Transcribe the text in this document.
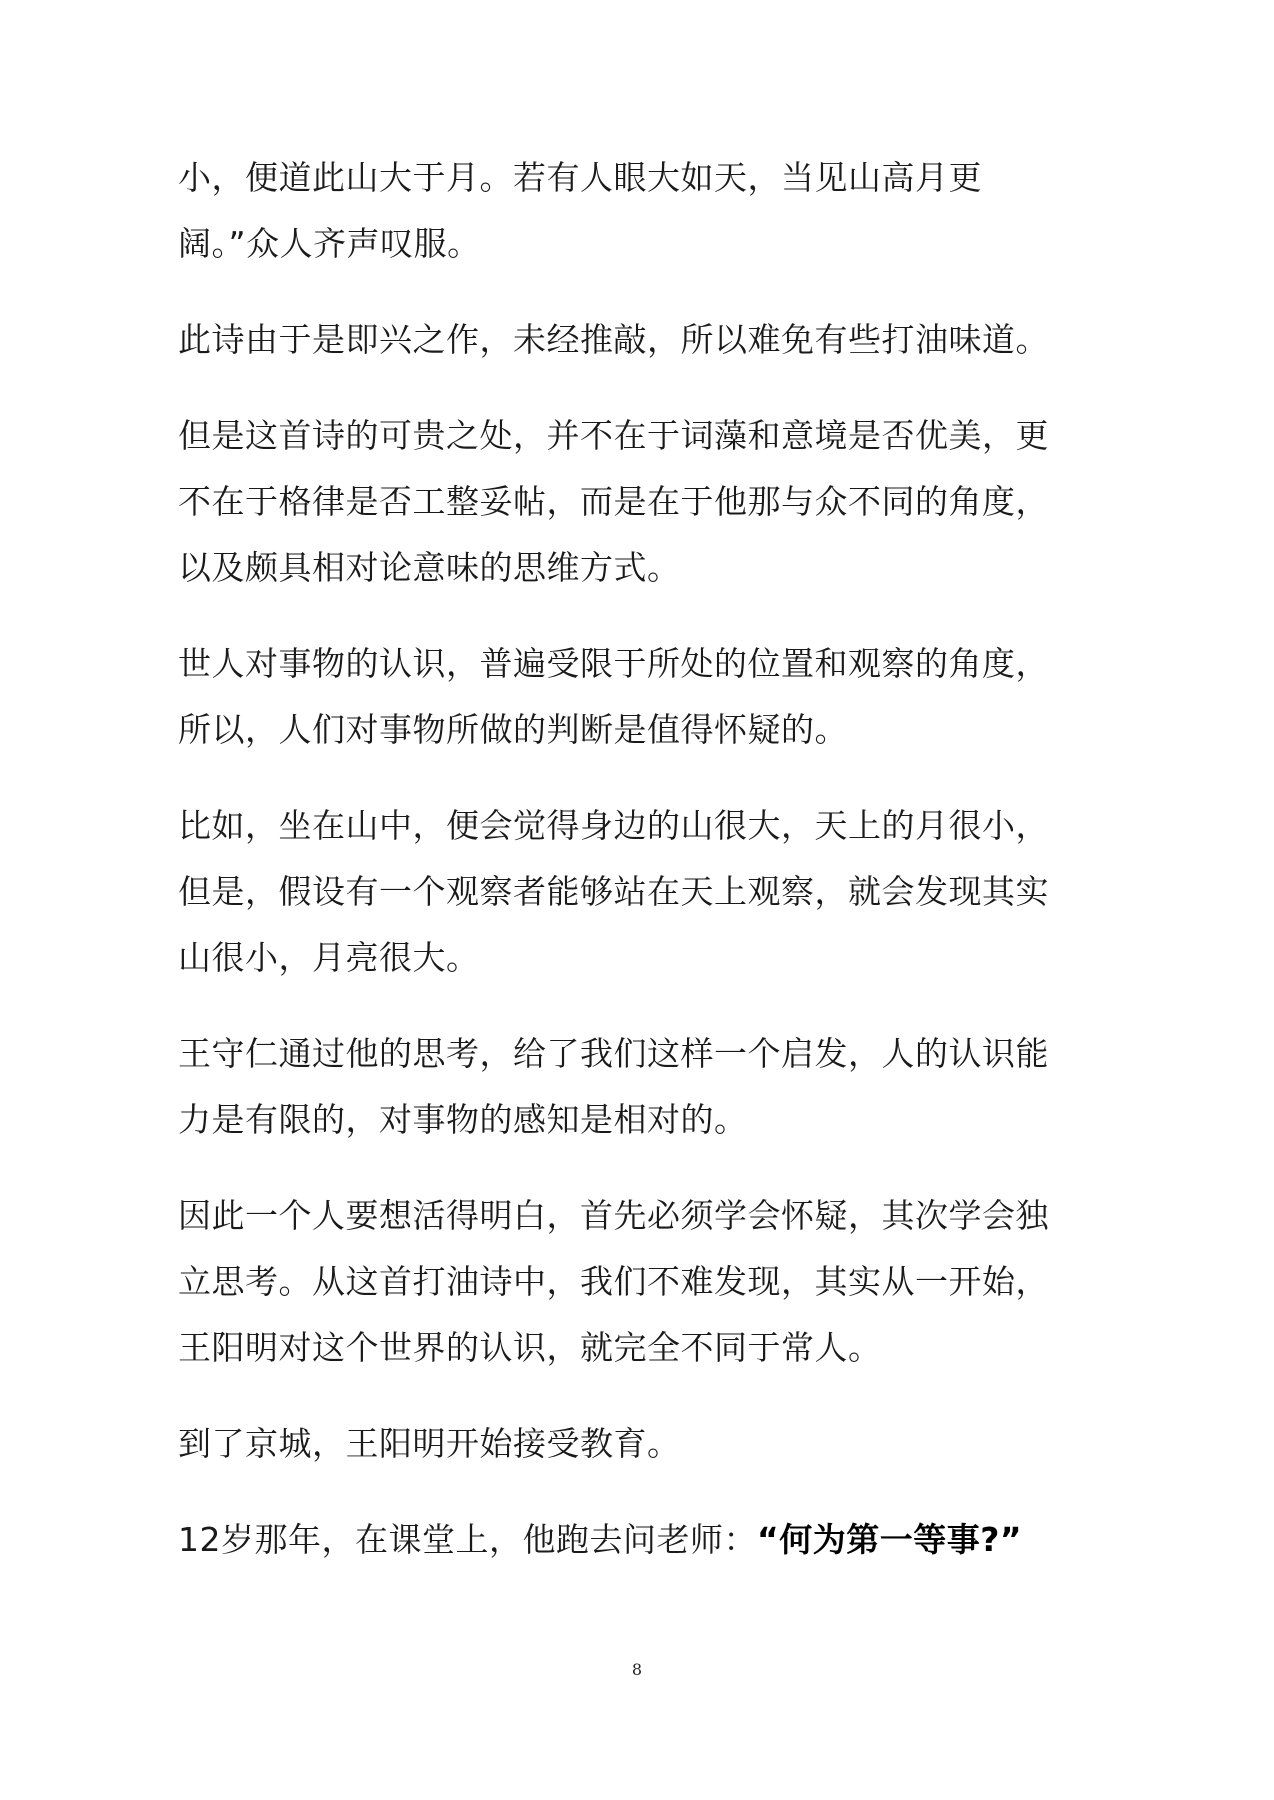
小，便道此山大于月。若有人眼大如天，当见山高月更阔。”众人齐声叹服。

此诗由于是即兴之作，未经推敲，所以难免有些打油味道。

但是这首诗的可贵之处，并不在于词藻和意境是否优美，更不在于格律是否工整妥帖，而是在于他那与众不同的角度，以及颇具相对论意味的思维方式。

世人对事物的认识，普遍受限于所处的位置和观察的角度，所以，人们对事物所做的判断是值得怀疑的。

比如，坐在山中，便会觉得身边的山很大，天上的月很小，但是，假设有一个观察者能够站在天上观察，就会发现其实山很小，月亮很大。

王守仁通过他的思考，给了我们这样一个启发，人的认识能力是有限的，对事物的感知是相对的。

因此一个人要想活得明白，首先必须学会怀疑，其次学会独立思考。从这首打油诗中，我们不难发现，其实从一开始，王阳明对这个世界的认识，就完全不同于常人。

到了京城，王阳明开始接受教育。

12岁那年，在课堂上，他跑去问老师：“何为第一等事?”

8
